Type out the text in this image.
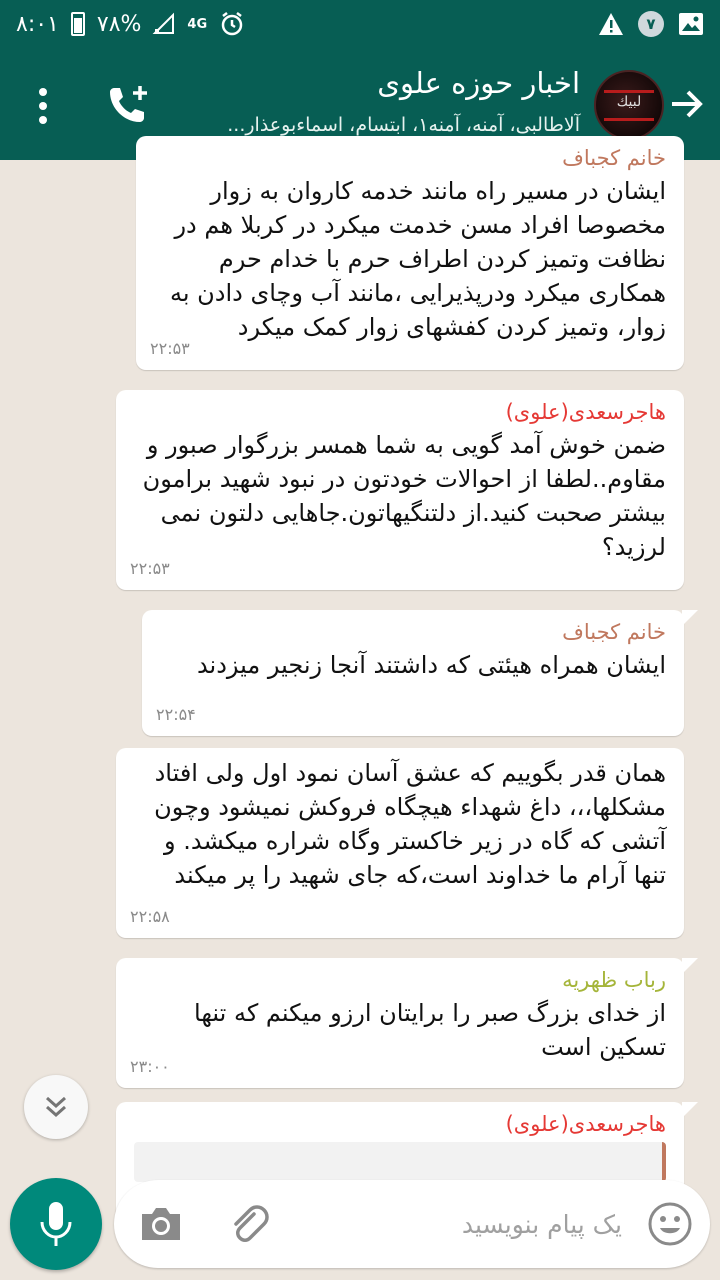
۸:۰۱ ۷۸%	4G	۷
لبيك
اخبار حوزه علوی
آلاطالبی، آمنه، آمنه۱، ابتسام، اسماءبوعذار...
خانم کجباف
ایشان در مسیر راه مانند خدمه کاروان به زوار مخصوصا افراد مسن خدمت میکرد در کربلا هم در نظافت وتمیز کردن اطراف حرم با خدام حرم همکاری میکرد ودرپذیرایی ،مانند آب وچای دادن به زوار، وتمیز کردن کفشهای زوار کمک میکرد
۲۲:۵۳
هاجرسعدی(علوی)
ضمن خوش آمد گویی به شما همسر بزرگوار صبور و مقاوم..لطفا از احوالات خودتون در نبود شهید برامون بیشتر صحبت کنید.از دلتنگیهاتون.جاهایی دلتون نمی لرزید؟
۲۲:۵۳
خانم کجباف
ایشان همراه هیئتی که داشتند آنجا زنجیر میزدند
۲۲:۵۴
همان قدر بگوییم که عشق آسان نمود اول ولی افتاد مشکلها،،، داغ شهداء هیچگاه فروکش نمیشود وچون آتشی که گاه در زیر خاکستر وگاه شراره میکشد. و تنها آرام ما خداوند است،که جای شهید را پر میکند
۲۲:۵۸
رباب ظهریه
از خدای بزرگ صبر را برایتان ارزو میکنم که تنها تسکین است
۲۳:۰۰
هاجرسعدی(علوی)
یک پیام بنویسید
